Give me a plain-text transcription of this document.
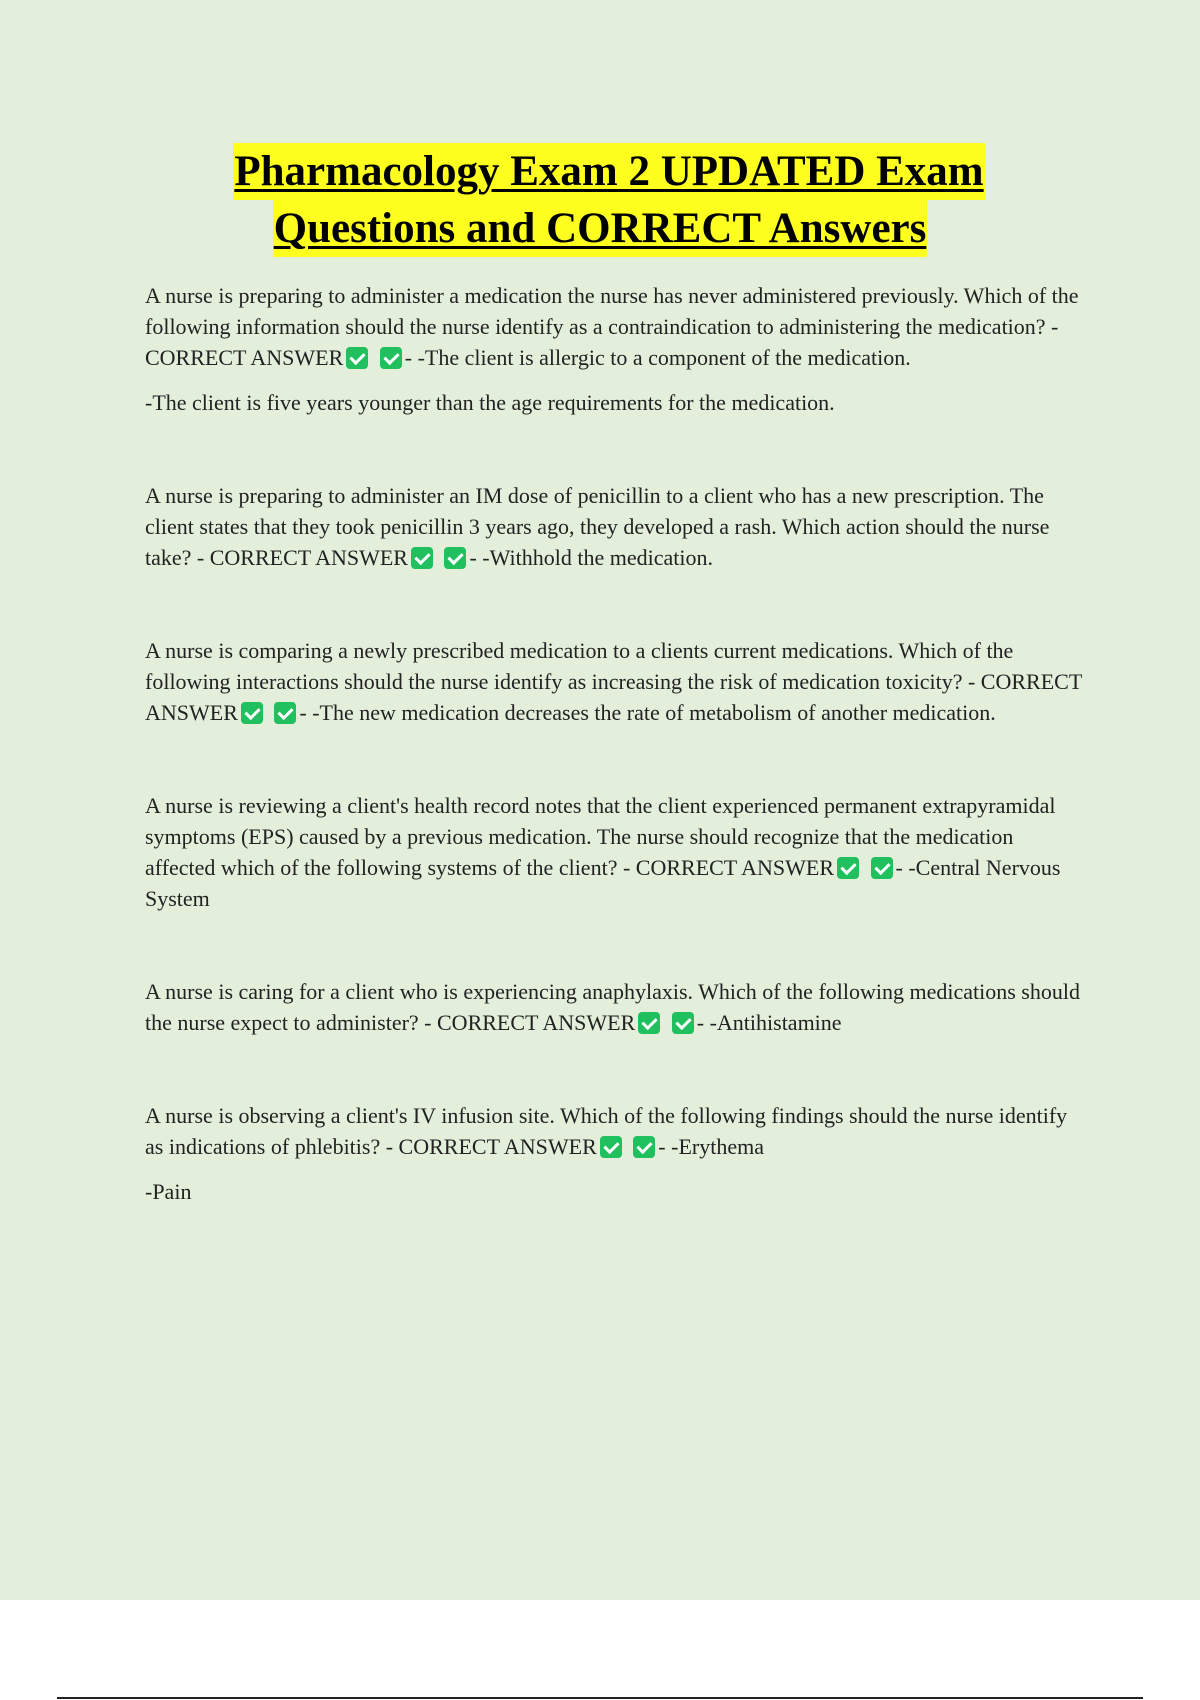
Pharmacology Exam 2 UPDATED Exam
Questions and CORRECT Answers

A nurse is preparing to administer a medication the nurse has never administered previously. Which of the following information should the nurse identify as a contraindication to administering the medication? - CORRECT ANSWER	- -The client is allergic to a component of the medication.

-The client is five years younger than the age requirements for the medication.

A nurse is preparing to administer an IM dose of penicillin to a client who has a new prescription. The client states that they took penicillin 3 years ago, they developed a rash. Which action should the nurse take? - CORRECT ANSWER	- -Withhold the medication.

A nurse is comparing a newly prescribed medication to a clients current medications. Which of the following interactions should the nurse identify as increasing the risk of medication toxicity? - CORRECT ANSWER	- -The new medication decreases the rate of metabolism of another medication.

A nurse is reviewing a client's health record notes that the client experienced permanent extrapyramidal symptoms (EPS) caused by a previous medication. The nurse should recognize that the medication affected which of the following systems of the client? - CORRECT ANSWER	- -Central Nervous System

A nurse is caring for a client who is experiencing anaphylaxis. Which of the following medications should the nurse expect to administer? - CORRECT ANSWER	- -Antihistamine

A nurse is observing a client's IV infusion site. Which of the following findings should the nurse identify as indications of phlebitis? - CORRECT ANSWER	- -Erythema

-Pain
